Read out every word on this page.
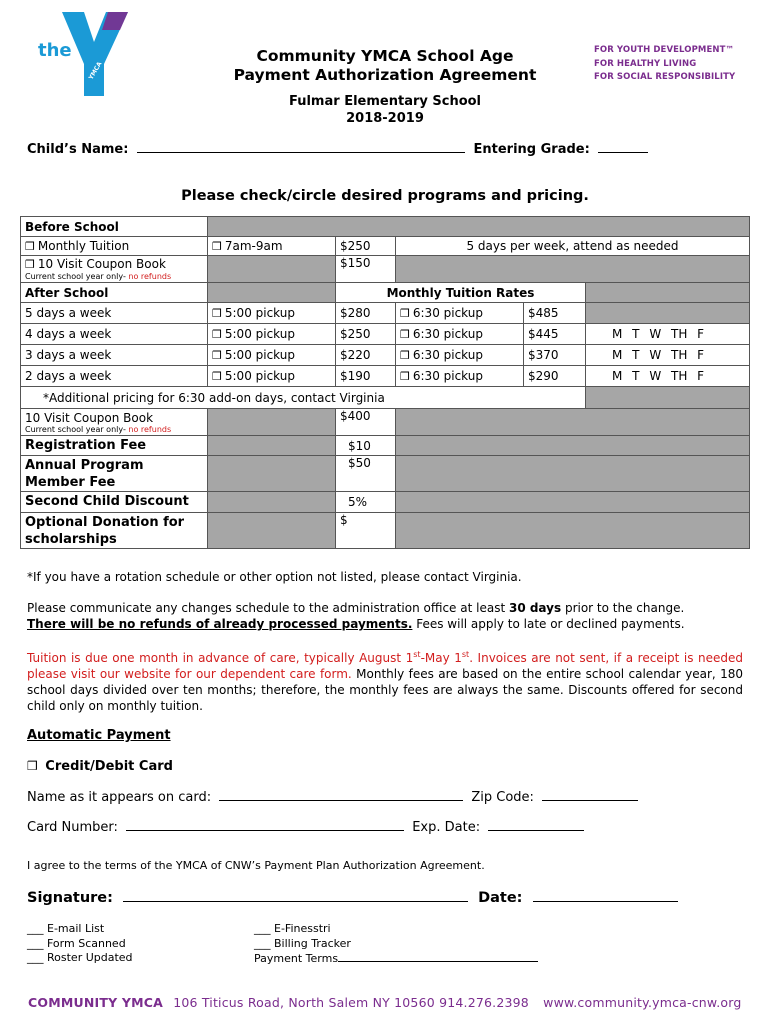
the
YMCA
Community YMCA School Age
Payment Authorization Agreement
Fulmar Elementary School
2018-2019
FOR YOUTH DEVELOPMENT™
FOR HEALTHY LIVING
FOR SOCIAL RESPONSIBILITY
Child’s Name:	Entering Grade:
Please check/circle desired programs and pricing.
Before School					
❒ Monthly Tuition	❒ 7am-9am	$250	5 days per week, attend as needed		

❒ 10 Visit Coupon Book
Current school year only- no refunds		$150			
After School		Monthly Tuition Rates			
5 days a week	❒ 5:00 pickup	$280	❒ 6:30 pickup	$485	
4 days a week	❒ 5:00 pickup	$250	❒ 6:30 pickup	$445	M T W TH F
3 days a week	❒ 5:00 pickup	$220	❒ 6:30 pickup	$370	M T W TH F
2 days a week	❒ 5:00 pickup	$190	❒ 6:30 pickup	$290	M T W TH F
*Additional pricing for 6:30 add-on days, contact Virginia					

10 Visit Coupon Book
Current school year only- no refunds		$400			
Registration Fee		$10			

Annual Program
Member Fee		$50			
Second Child Discount		5%			

Optional Donation for
scholarships		$			
*If you have a rotation schedule or other option not listed, please contact Virginia.
Please communicate any changes schedule to the administration office at least 30 days prior to the change.
There will be no refunds of already processed payments. Fees will apply to late or declined payments.
Tuition is due one month in advance of care, typically August 1st-May 1st. Invoices are not sent, if a receipt is needed please visit our website for our dependent care form. Monthly fees are based on the entire school calendar year, 180 school days divided over ten months; therefore, the monthly fees are always the same. Discounts offered for second child only on monthly tuition.
Automatic Payment
❒ Credit/Debit Card
Name as it appears on card:	Zip Code:
Card Number:	Exp. Date:
I agree to the terms of the YMCA of CNW’s Payment Plan Authorization Agreement.
Signature:	Date:
___ E-mail List
___ Form Scanned
___ Roster Updated
___ E-Finesstri
___ Billing Tracker
Payment Terms
COMMUNITY YMCA 106 Titicus Road, North Salem NY 10560 914.276.2398 www.community.ymca-cnw.org
